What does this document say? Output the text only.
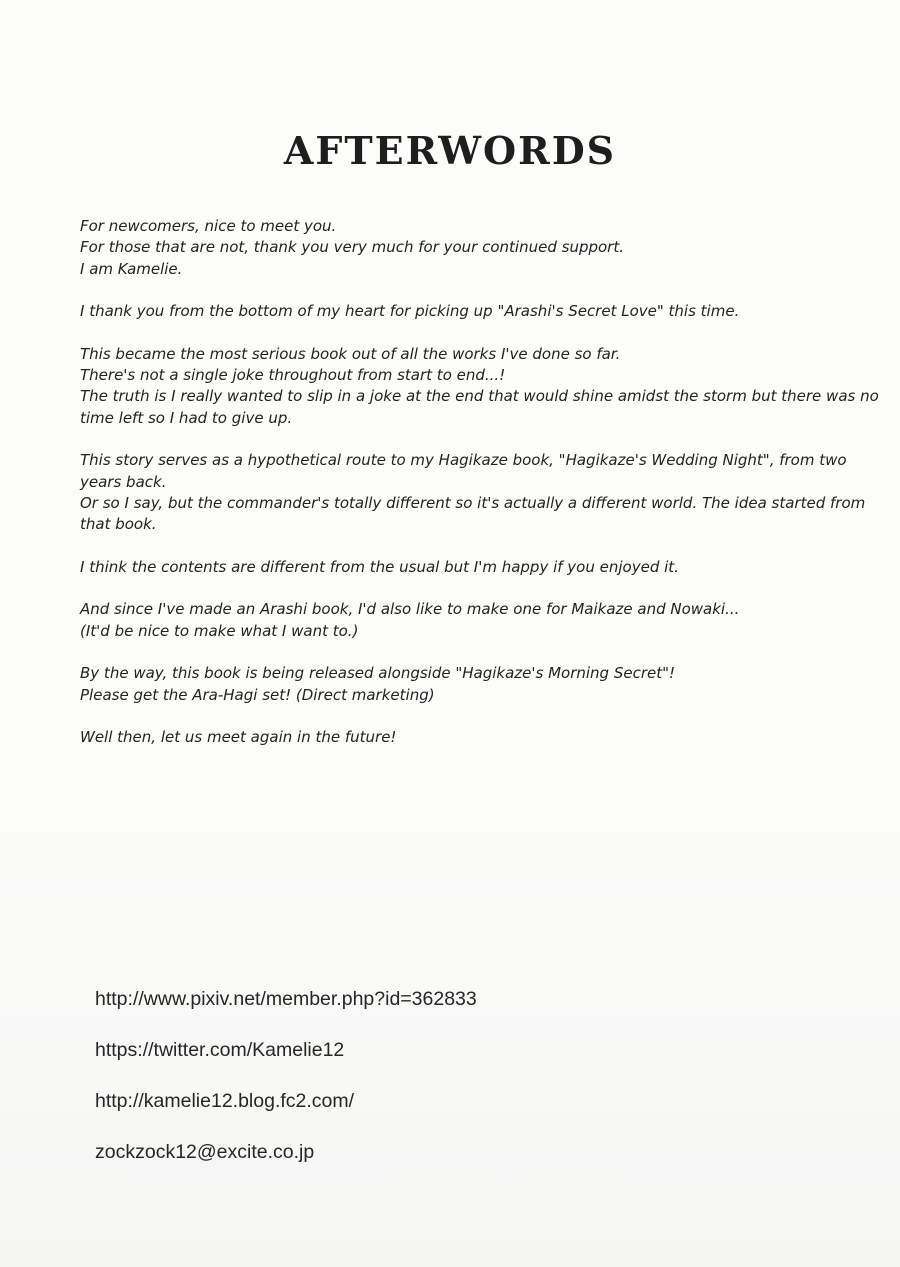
AFTERWORDS

For newcomers, nice to meet you.
For those that are not, thank you very much for your continued support.
I am Kamelie.

I thank you from the bottom of my heart for picking up "Arashi's Secret Love" this time.

This became the most serious book out of all the works I've done so far.
There's not a single joke throughout from start to end...!
The truth is I really wanted to slip in a joke at the end that would shine amidst the storm but there was no time left so I had to give up.

This story serves as a hypothetical route to my Hagikaze book, "Hagikaze's Wedding Night", from two years back.
Or so I say, but the commander's totally different so it's actually a different world. The idea started from that book.

I think the contents are different from the usual but I'm happy if you enjoyed it.

And since I've made an Arashi book, I'd also like to make one for Maikaze and Nowaki...
(It'd be nice to make what I want to.)

By the way, this book is being released alongside "Hagikaze's Morning Secret"!
Please get the Ara-Hagi set! (Direct marketing)

Well then, let us meet again in the future!

http://www.pixiv.net/member.php?id=362833
https://twitter.com/Kamelie12
http://kamelie12.blog.fc2.com/
zockzock12@excite.co.jp
